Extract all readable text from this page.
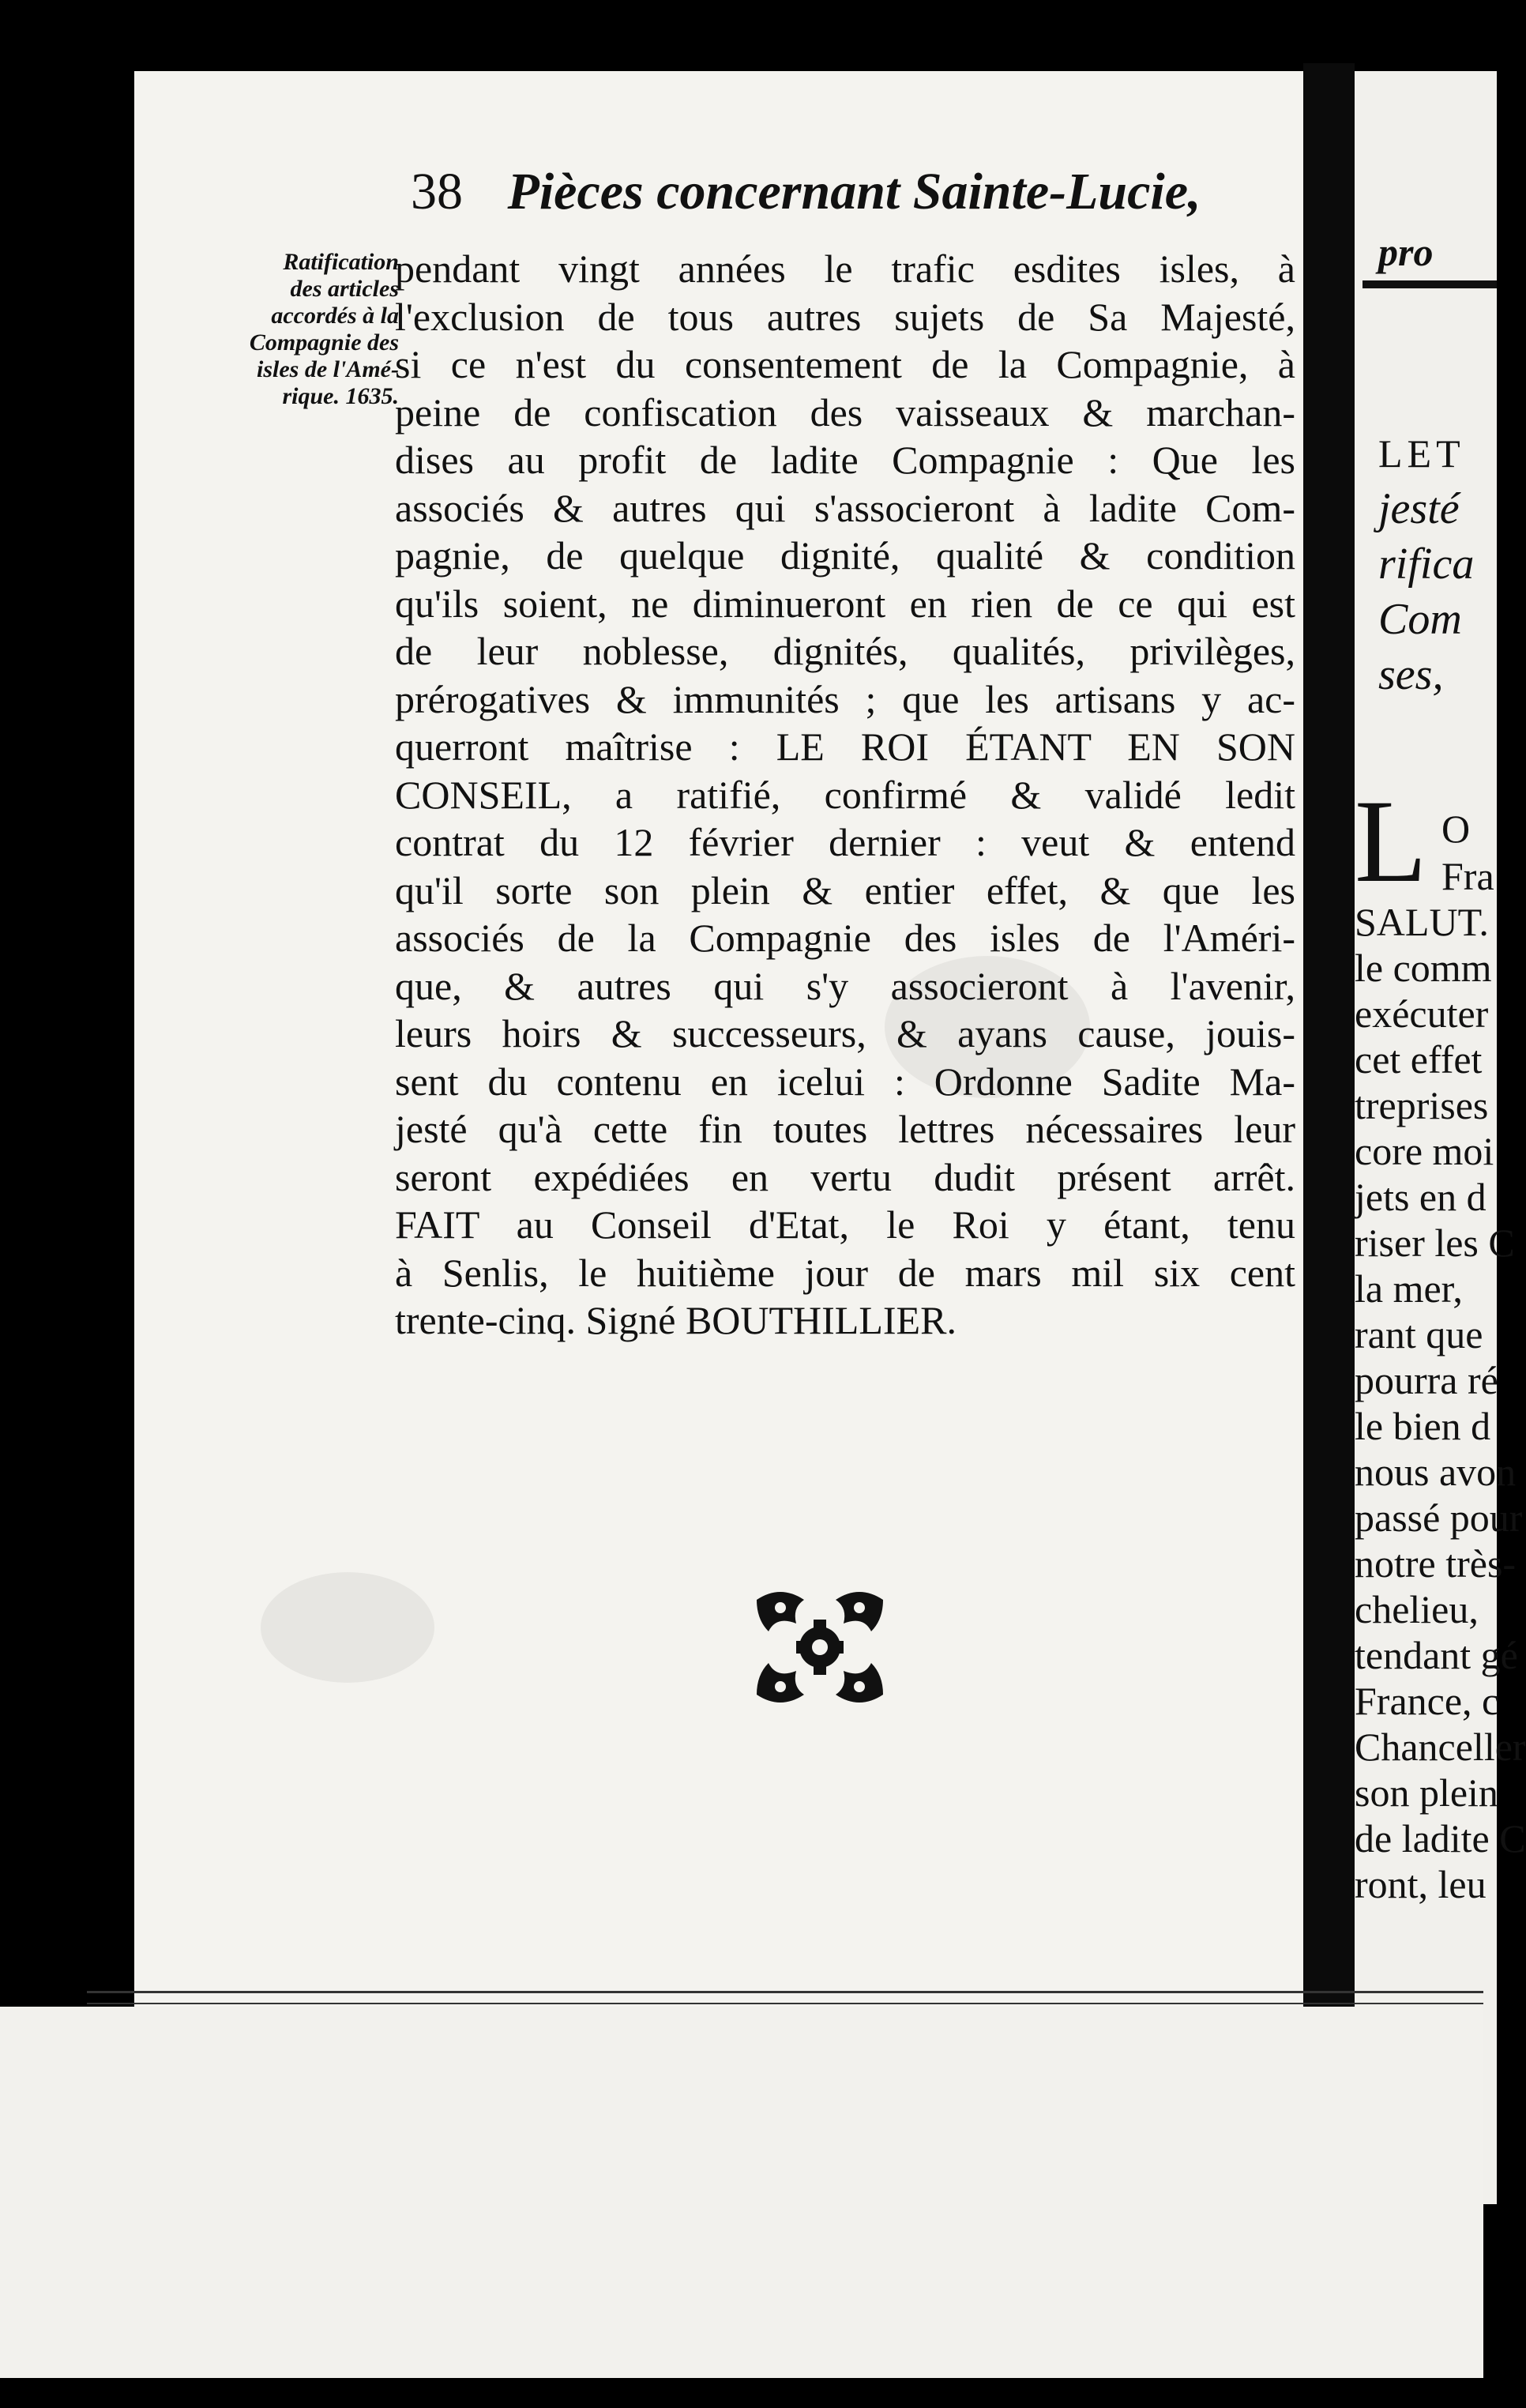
38 Pièces concernant Sainte-Lucie,
Ratification
des articles
accordés à la
Compagnie des
isles de l'Amé-
rique. 1635.
pendant vingt années le trafic esdites isles, à
l'exclusion de tous autres sujets de Sa Majesté,
si ce n'est du consentement de la Compagnie, à
peine de confiscation des vaisseaux & marchan-
dises au profit de ladite Compagnie : Que les
associés & autres qui s'associeront à ladite Com-
pagnie, de quelque dignité, qualité & condition
qu'ils soient, ne diminueront en rien de ce qui est
de leur noblesse, dignités, qualités, privilèges,
prérogatives & immunités ; que les artisans y ac-
querront maîtrise : LE ROI ÉTANT EN SON
CONSEIL, a ratifié, confirmé & validé ledit
contrat du 12 février dernier : veut & entend
qu'il sorte son plein & entier effet, & que les
associés de la Compagnie des isles de l'Améri-
que, & autres qui s'y associeront à l'avenir,
leurs hoirs & successeurs, & ayans cause, jouis-
sent du contenu en icelui : Ordonne Sadite Ma-
jesté qu'à cette fin toutes lettres nécessaires leur
seront expédiées en vertu dudit présent arrêt.
FAIT au Conseil d'Etat, le Roi y étant, tenu
à Senlis, le huitième jour de mars mil six cent
trente-cinq. Signé BOUTHILLIER.
pro
LET
jesté
rifica
Com
ses,
L O
Fra
SALUT.
le comm
exécuter
cet effet
treprises
core moi
jets en d
riser les C
la mer,
rant que
pourra ré
le bien d
nous avon
passé pour
notre très-
chelieu,
tendant gé
France, c
Chanceller
son plein
de ladite C
ront, leu
